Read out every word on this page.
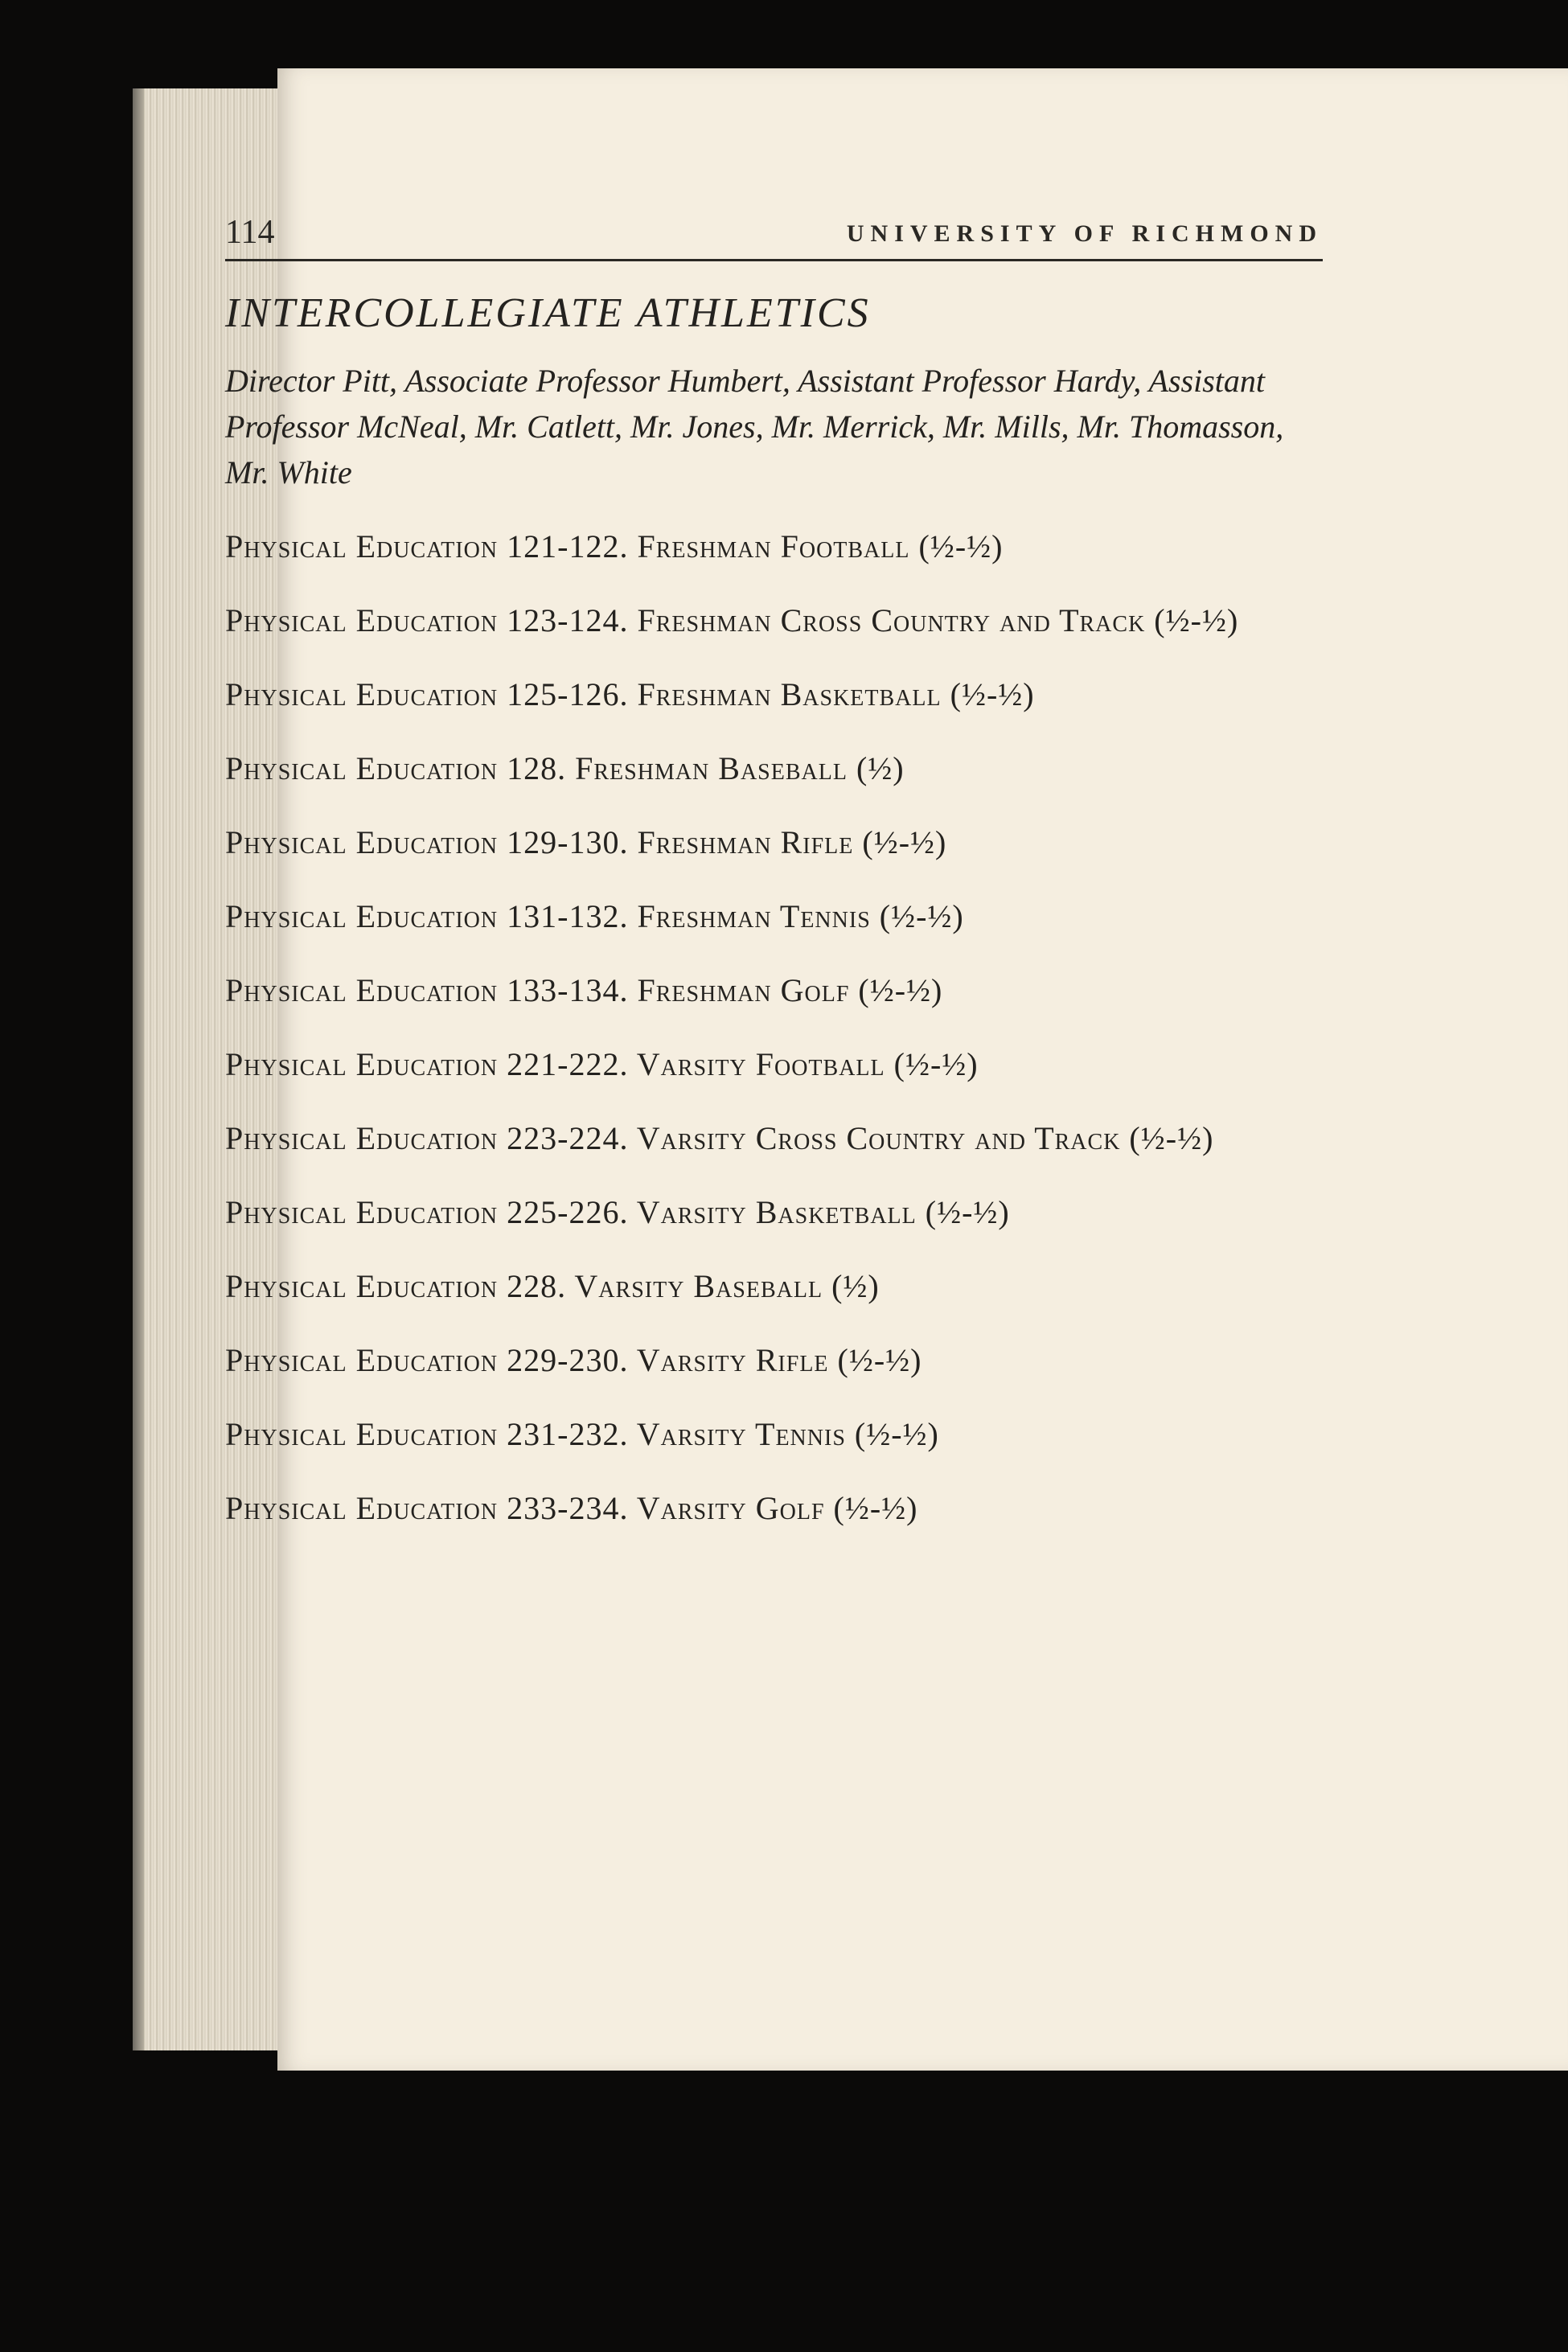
114	UNIVERSITY OF RICHMOND
INTERCOLLEGIATE ATHLETICS

Director Pitt, Associate Professor Humbert, Assistant Professor Hardy, Assistant Professor McNeal, Mr. Catlett, Mr. Jones, Mr. Merrick, Mr. Mills, Mr. Thomasson, Mr. White

Physical Education 121-122. Freshman Football (½-½)

Physical Education 123-124. Freshman Cross Country and Track (½-½)

Physical Education 125-126. Freshman Basketball (½-½)

Physical Education 128. Freshman Baseball (½)

Physical Education 129-130. Freshman Rifle (½-½)

Physical Education 131-132. Freshman Tennis (½-½)

Physical Education 133-134. Freshman Golf (½-½)

Physical Education 221-222. Varsity Football (½-½)

Physical Education 223-224. Varsity Cross Country and Track (½-½)

Physical Education 225-226. Varsity Basketball (½-½)

Physical Education 228. Varsity Baseball (½)

Physical Education 229-230. Varsity Rifle (½-½)

Physical Education 231-232. Varsity Tennis (½-½)

Physical Education 233-234. Varsity Golf (½-½)
